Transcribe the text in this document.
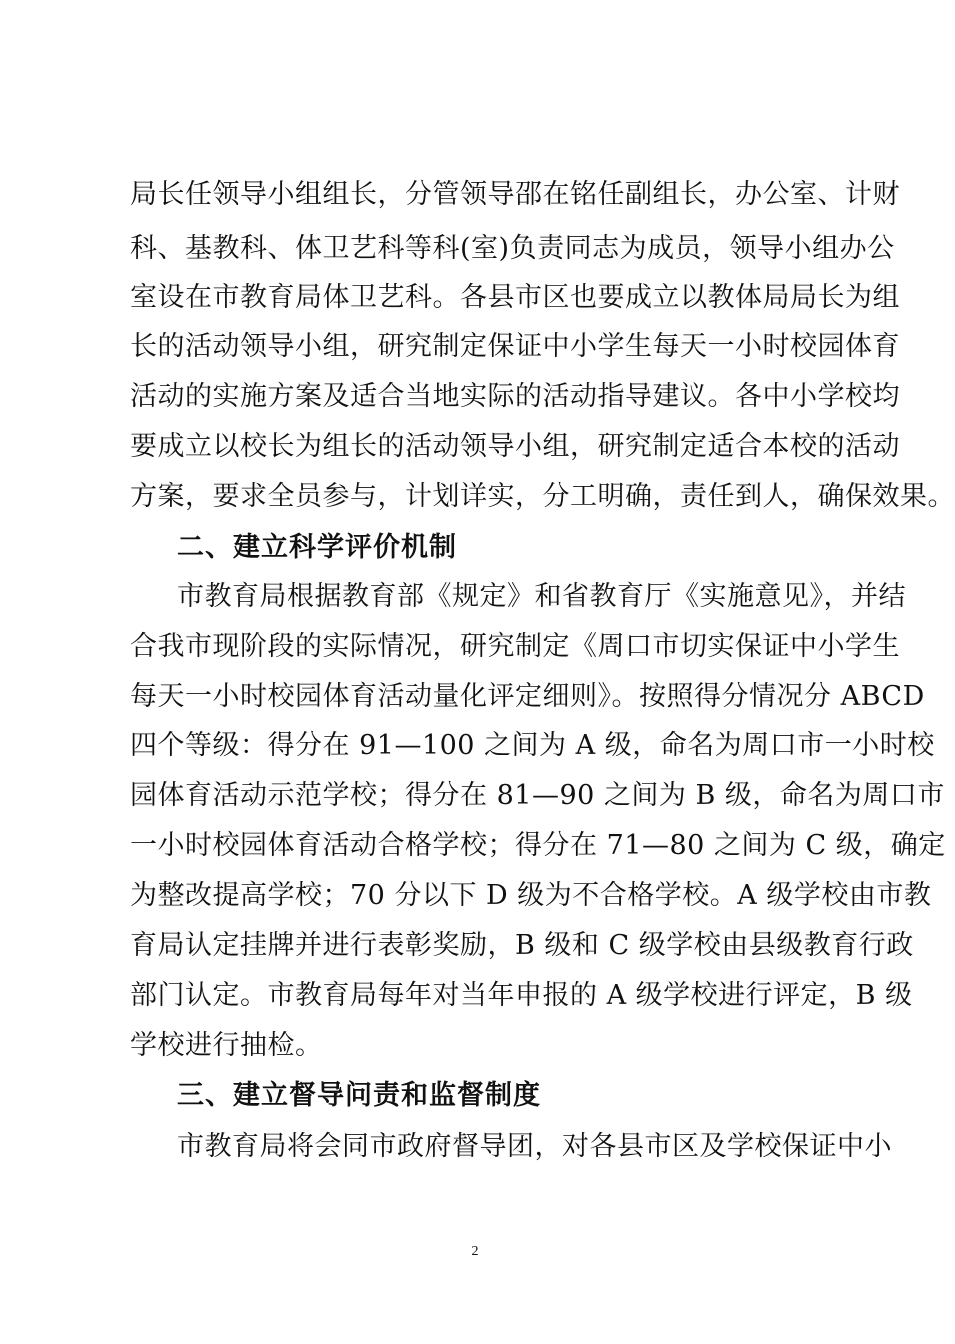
局长任领导小组组长，分管领导邵在铭任副组长，办公室、计财
科、基教科、体卫艺科等科(室)负责同志为成员，领导小组办公
室设在市教育局体卫艺科。各县市区也要成立以教体局局长为组
长的活动领导小组，研究制定保证中小学生每天一小时校园体育
活动的实施方案及适合当地实际的活动指导建议。各中小学校均
要成立以校长为组长的活动领导小组，研究制定适合本校的活动
方案，要求全员参与，计划详实，分工明确，责任到人，确保效果。
二、建立科学评价机制
市教育局根据教育部《规定》和省教育厅《实施意见》，并结
合我市现阶段的实际情况，研究制定《周口市切实保证中小学生
每天一小时校园体育活动量化评定细则》。按照得分情况分 ABCD
四个等级：得分在 91—100 之间为 A 级，命名为周口市一小时校
园体育活动示范学校；得分在 81—90 之间为 B 级，命名为周口市
一小时校园体育活动合格学校；得分在 71—80 之间为 C 级，确定
为整改提高学校；70 分以下 D 级为不合格学校。A 级学校由市教
育局认定挂牌并进行表彰奖励，B 级和 C 级学校由县级教育行政
部门认定。市教育局每年对当年申报的 A 级学校进行评定，B 级
学校进行抽检。
三、建立督导问责和监督制度
市教育局将会同市政府督导团，对各县市区及学校保证中小
2
